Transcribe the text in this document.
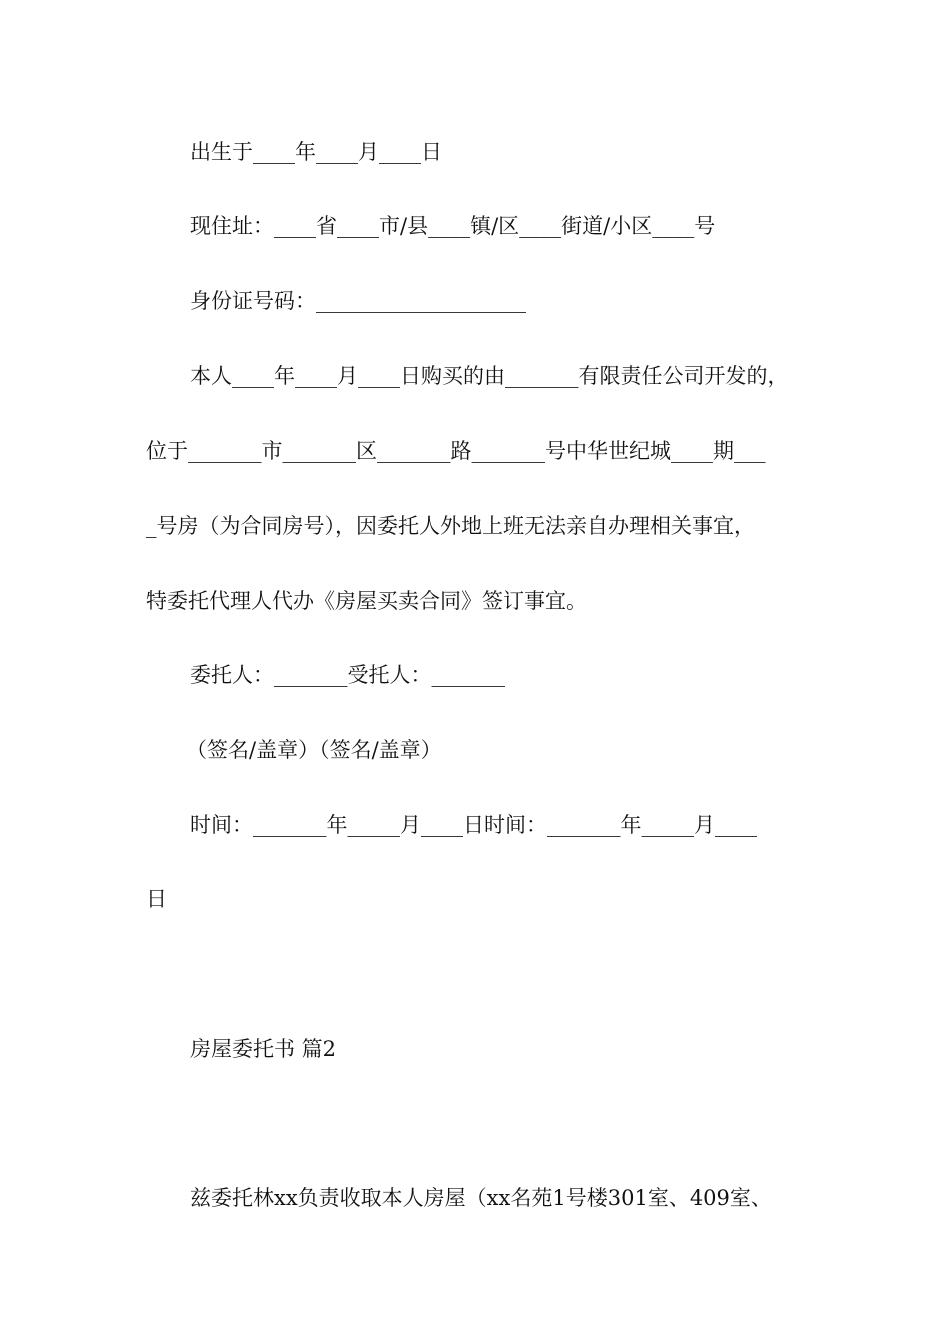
出生于____年____月____日
现住址：____省____市/县____镇/区____街道/小区____号
身份证号码：____________________
本人____年____月____日购买的由_______有限责任公司开发的，
位于_______市_______区_______路_______号中华世纪城____期___
_号房（为合同房号），因委托人外地上班无法亲自办理相关事宜，
特委托代理人代办《房屋买卖合同》签订事宜。
委托人：_______受托人：_______
（签名/盖章）（签名/盖章）
时间：_______年_____月____日时间：_______年_____月____
日
房屋委托书 篇2
兹委托林xx负责收取本人房屋（xx名苑1号楼301室、409室、
